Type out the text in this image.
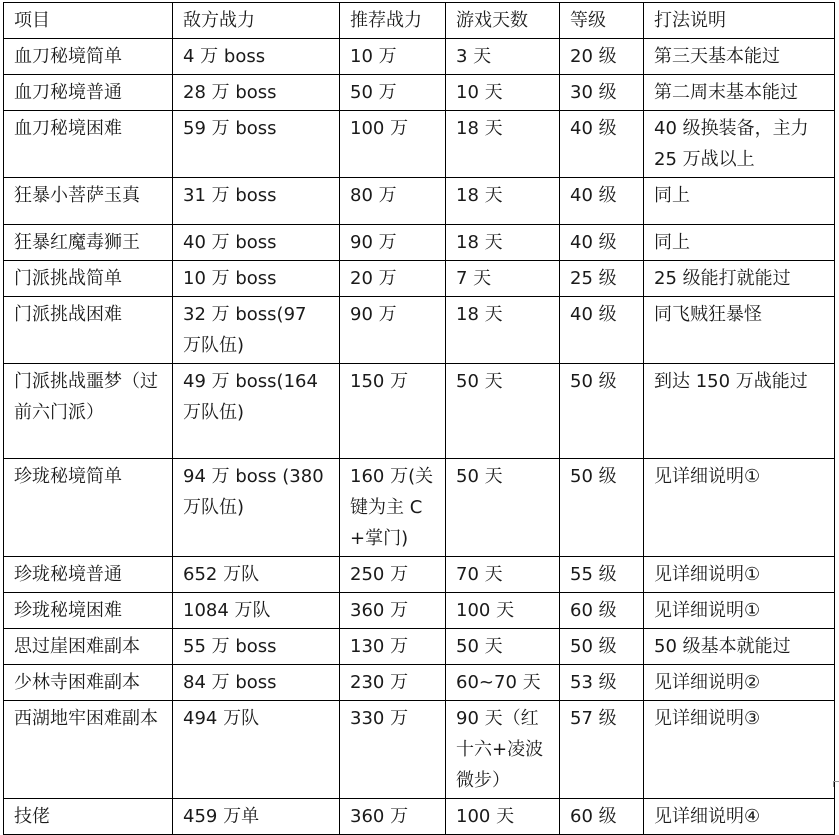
项目	敌方战力	推荐战力	游戏天数	等级	打法说明
血刀秘境简单	4 万 boss	10 万	3 天	20 级	第三天基本能过
血刀秘境普通	28 万 boss	50 万	10 天	30 级	第二周末基本能过
血刀秘境困难	59 万 boss	100 万	18 天	40 级	40 级换装备，主力 25 万战以上
狂暴小菩萨玉真	31 万 boss	80 万	18 天	40 级	同上
狂暴红魔毒狮王	40 万 boss	90 万	18 天	40 级	同上
门派挑战简单	10 万 boss	20 万	7 天	25 级	25 级能打就能过
门派挑战困难	32 万 boss(97 万队伍)	90 万	18 天	40 级	同飞贼狂暴怪
门派挑战噩梦（过前六门派）	49 万 boss(164 万队伍)	150 万	50 天	50 级	到达 150 万战能过
珍珑秘境简单	94 万 boss (380 万队伍)	160 万(关键为主 C+掌门)	50 天	50 级	见详细说明①
珍珑秘境普通	652 万队	250 万	70 天	55 级	见详细说明①
珍珑秘境困难	1084 万队	360 万	100 天	60 级	见详细说明①
思过崖困难副本	55 万 boss	130 万	50 天	50 级	50 级基本就能过
少林寺困难副本	84 万 boss	230 万	60~70 天	53 级	见详细说明②
西湖地牢困难副本	494 万队	330 万	90 天（红十六+凌波微步）	57 级	见详细说明③
技佬	459 万单	360 万	100 天	60 级	见详细说明④
